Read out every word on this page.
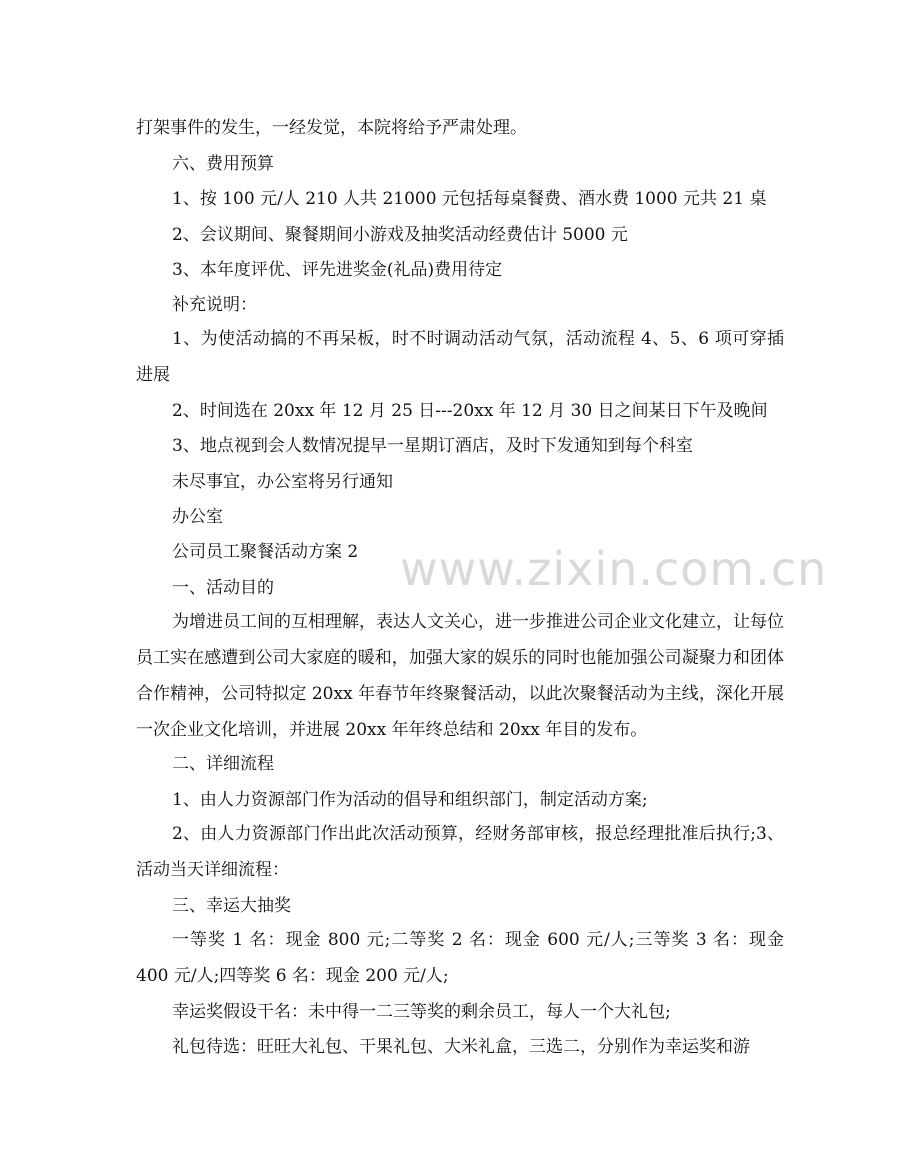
www.zixin.com.cn
打架事件的发生，一经发觉，本院将给予严肃处理。
六、费用预算
1、按 100 元/人 210 人共 21000 元包括每桌餐费、酒水费 1000 元共 21 桌
2、会议期间、聚餐期间小游戏及抽奖活动经费估计 5000 元
3、本年度评优、评先进奖金(礼品)费用待定
补充说明：
1、为使活动搞的不再呆板，时不时调动活动气氛，活动流程 4、5、6 项可穿插进展
2、时间选在 20xx 年 12 月 25 日---20xx 年 12 月 30 日之间某日下午及晚间
3、地点视到会人数情况提早一星期订酒店，及时下发通知到每个科室
未尽事宜，办公室将另行通知
办公室
公司员工聚餐活动方案 2
一、活动目的
为增进员工间的互相理解，表达人文关心，进一步推进公司企业文化建立，让每位员工实在感遭到公司大家庭的暖和，加强大家的娱乐的同时也能加强公司凝聚力和团体合作精神，公司特拟定 20xx 年春节年终聚餐活动，以此次聚餐活动为主线，深化开展一次企业文化培训，并进展 20xx 年年终总结和 20xx 年目的发布。
二、详细流程
1、由人力资源部门作为活动的倡导和组织部门，制定活动方案;
2、由人力资源部门作出此次活动预算，经财务部审核，报总经理批准后执行;3、活动当天详细流程：
三、幸运大抽奖
一等奖 1 名：现金 800 元;二等奖 2 名：现金 600 元/人;三等奖 3 名：现金 400 元/人;四等奖 6 名：现金 200 元/人;
幸运奖假设干名：未中得一二三等奖的剩余员工，每人一个大礼包;
礼包待选：旺旺大礼包、干果礼包、大米礼盒，三选二，分别作为幸运奖和游
